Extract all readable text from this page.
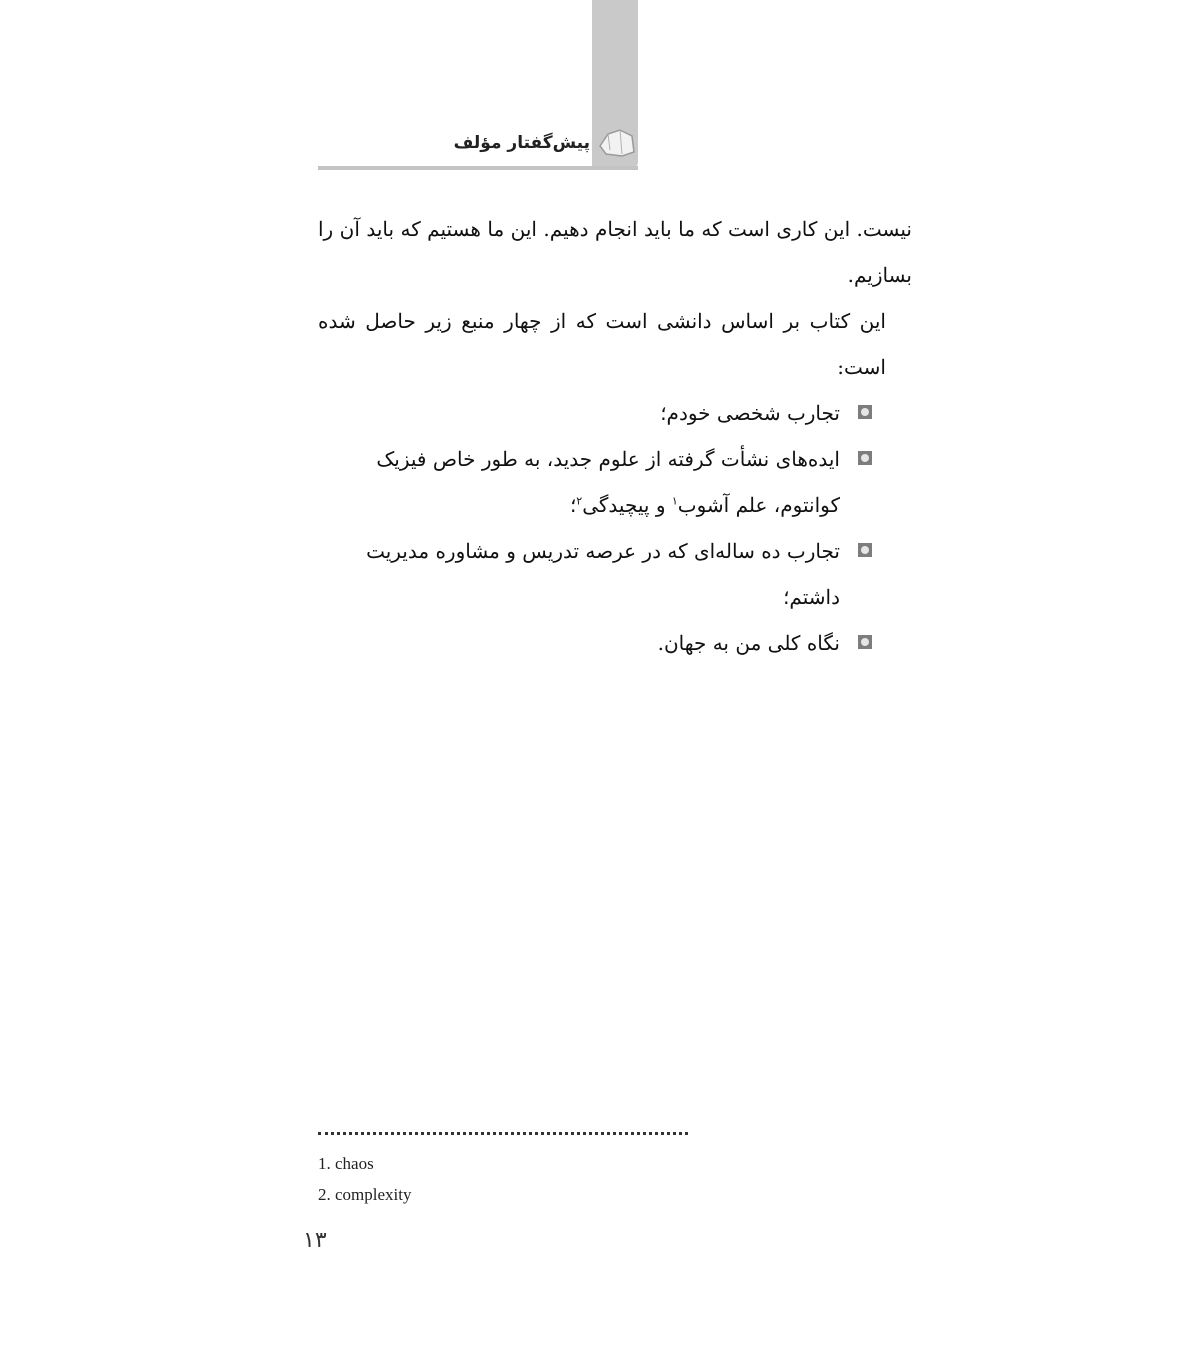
پیش‌گفتار مؤلف

نیست. این کاری است که ما باید انجام دهیم. این ما هستیم که باید آن را بسازیم.

این کتاب بر اساس دانشی است که از چهار منبع زیر حاصل شده است:

تجارب شخصی خودم؛
ایده‌های نشأت گرفته از علوم جدید، به طور خاص فیزیک کوانتوم، علم آشوب$^۱$ و پیچیدگی$^۲$؛
تجارب ده ساله‌ای که در عرصه تدریس و مشاوره مدیریت داشتم؛
نگاه کلی من به جهان.
1. chaos
2. complexity
۱۳
